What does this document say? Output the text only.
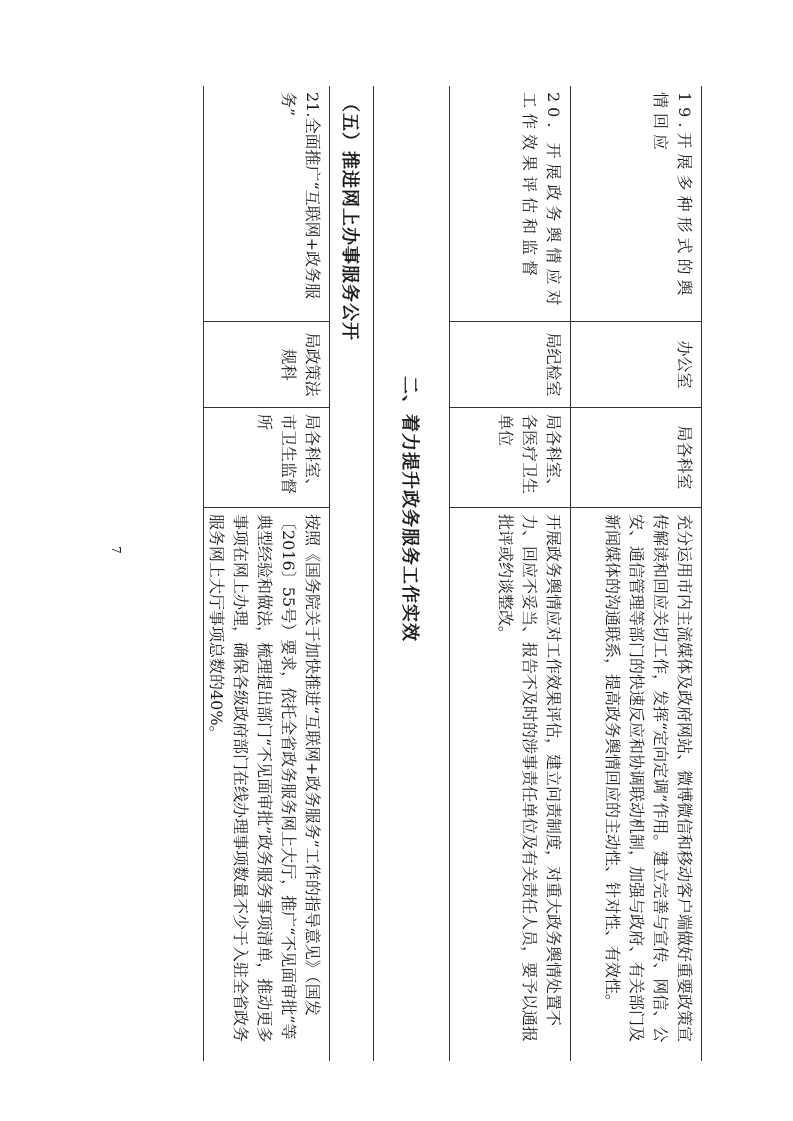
7
19.开展多种形式的舆情回应
办公室
局各科室
充分运用市内主流媒体及政府网站、微博微信和移动客户端做好重要政策宣传解读和回应关切工作，发挥“定向定调”作用。建立完善与宣传、网信、公安、通信管理等部门的快速反应和协调联动机制，加强与政府、有关部门及新闻媒体的沟通联系，提高政务舆情回应的主动性、针对性、有效性。
20. 开展政务舆情应对工作效果评估和监督
局纪检室
局各科室、各医疗卫生单位
开展政务舆情应对工作效果评估，建立问责制度，对重大政务舆情处置不力、回应不妥当、报告不及时的涉事责任单位及有关责任人员，要予以通报批评或约谈整改。
二、着力提升政务服务工作实效
（五）推进网上办事服务公开
21.全面推广“互联网+政务服务”
局政策法规科
局各科室、市卫生监督所
按照《国务院关于加快推进“互联网+政务服务”工作的指导意见》（国发〔2016〕55号）要求，依托全省政务服务网上大厅，推广“不见面审批”等典型经验和做法，梳理提出部门“不见面审批”政务服务事项清单，推动更多事项在网上办理，确保各级政府部门在线办理事项数量不少于入驻全省政务服务网上大厅事项总数的40%。
